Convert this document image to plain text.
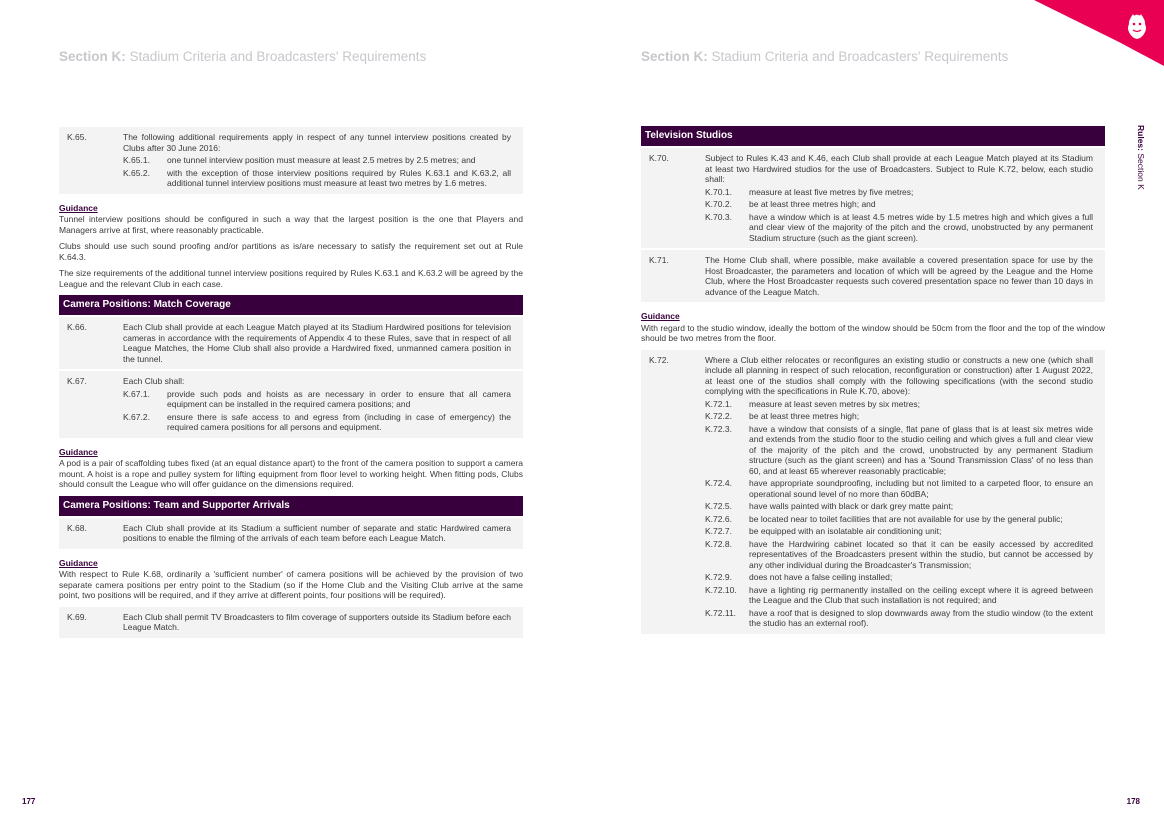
Rules: Section K
Section K: Stadium Criteria and Broadcasters' Requirements
K.65.	The following additional requirements apply in respect of any tunnel interview positions created by Clubs after 30 June 2016:
K.65.1.	one tunnel interview position must measure at least 2.5 metres by 2.5 metres; and
K.65.2.	with the exception of those interview positions required by Rules K.63.1 and K.63.2, all additional tunnel interview positions must measure at least two metres by 1.6 metres.
Guidance

Tunnel interview positions should be configured in such a way that the largest position is the one that Players and Managers arrive at first, where reasonably practicable.

Clubs should use such sound proofing and/or partitions as is/are necessary to satisfy the requirement set out at Rule K.64.3.

The size requirements of the additional tunnel interview positions required by Rules K.63.1 and K.63.2 will be agreed by the League and the relevant Club in each case.

Camera Positions: Match Coverage
K.66.	Each Club shall provide at each League Match played at its Stadium Hardwired positions for television cameras in accordance with the requirements of Appendix 4 to these Rules, save that in respect of all League Matches, the Home Club shall also provide a Hardwired fixed, unmanned camera position in the tunnel.
K.67.	Each Club shall:
K.67.1.	provide such pods and hoists as are necessary in order to ensure that all camera equipment can be installed in the required camera positions; and
K.67.2.	ensure there is safe access to and egress from (including in case of emergency) the required camera positions for all persons and equipment.
Guidance

A pod is a pair of scaffolding tubes fixed (at an equal distance apart) to the front of the camera position to support a camera mount. A hoist is a rope and pulley system for lifting equipment from floor level to working height. When fitting pods, Clubs should consult the League who will offer guidance on the dimensions required.

Camera Positions: Team and Supporter Arrivals
K.68.	Each Club shall provide at its Stadium a sufficient number of separate and static Hardwired camera positions to enable the filming of the arrivals of each team before each League Match.
Guidance

With respect to Rule K.68, ordinarily a 'sufficient number' of camera positions will be achieved by the provision of two separate camera positions per entry point to the Stadium (so if the Home Club and the Visiting Club arrive at the same point, two positions will be required, and if they arrive at different points, four positions will be required).

K.69.	Each Club shall permit TV Broadcasters to film coverage of supporters outside its Stadium before each League Match.
177
Section K: Stadium Criteria and Broadcasters' Requirements
Television Studios
K.70.	Subject to Rules K.43 and K.46, each Club shall provide at each League Match played at its Stadium at least two Hardwired studios for the use of Broadcasters. Subject to Rule K.72, below, each studio shall:
K.70.1.	measure at least five metres by five metres;
K.70.2.	be at least three metres high; and
K.70.3.	have a window which is at least 4.5 metres wide by 1.5 metres high and which gives a full and clear view of the majority of the pitch and the crowd, unobstructed by any permanent Stadium structure (such as the giant screen).
K.71.	The Home Club shall, where possible, make available a covered presentation space for use by the Host Broadcaster, the parameters and location of which will be agreed by the League and the Home Club, where the Host Broadcaster requests such covered presentation space no fewer than 10 days in advance of the League Match.
Guidance

With regard to the studio window, ideally the bottom of the window should be 50cm from the floor and the top of the window should be two metres from the floor.

K.72.	Where a Club either relocates or reconfigures an existing studio or constructs a new one (which shall include all planning in respect of such relocation, reconfiguration or construction) after 1 August 2022, at least one of the studios shall comply with the following specifications (with the second studio complying with the specifications in Rule K.70, above):
K.72.1.	measure at least seven metres by six metres;
K.72.2.	be at least three metres high;
K.72.3.	have a window that consists of a single, flat pane of glass that is at least six metres wide and extends from the studio floor to the studio ceiling and which gives a full and clear view of the majority of the pitch and the crowd, unobstructed by any permanent Stadium structure (such as the giant screen) and has a 'Sound Transmission Class' of no less than 60, and at least 65 wherever reasonably practicable;
K.72.4.	have appropriate soundproofing, including but not limited to a carpeted floor, to ensure an operational sound level of no more than 60dBA;
K.72.5.	have walls painted with black or dark grey matte paint;
K.72.6.	be located near to toilet facilities that are not available for use by the general public;
K.72.7.	be equipped with an isolatable air conditioning unit;
K.72.8.	have the Hardwiring cabinet located so that it can be easily accessed by accredited representatives of the Broadcasters present within the studio, but cannot be accessed by any other individual during the Broadcaster's Transmission;
K.72.9.	does not have a false ceiling installed;
K.72.10.	have a lighting rig permanently installed on the ceiling except where it is agreed between the League and the Club that such installation is not required; and
K.72.11.	have a roof that is designed to slop downwards away from the studio window (to the extent the studio has an external roof).
178
